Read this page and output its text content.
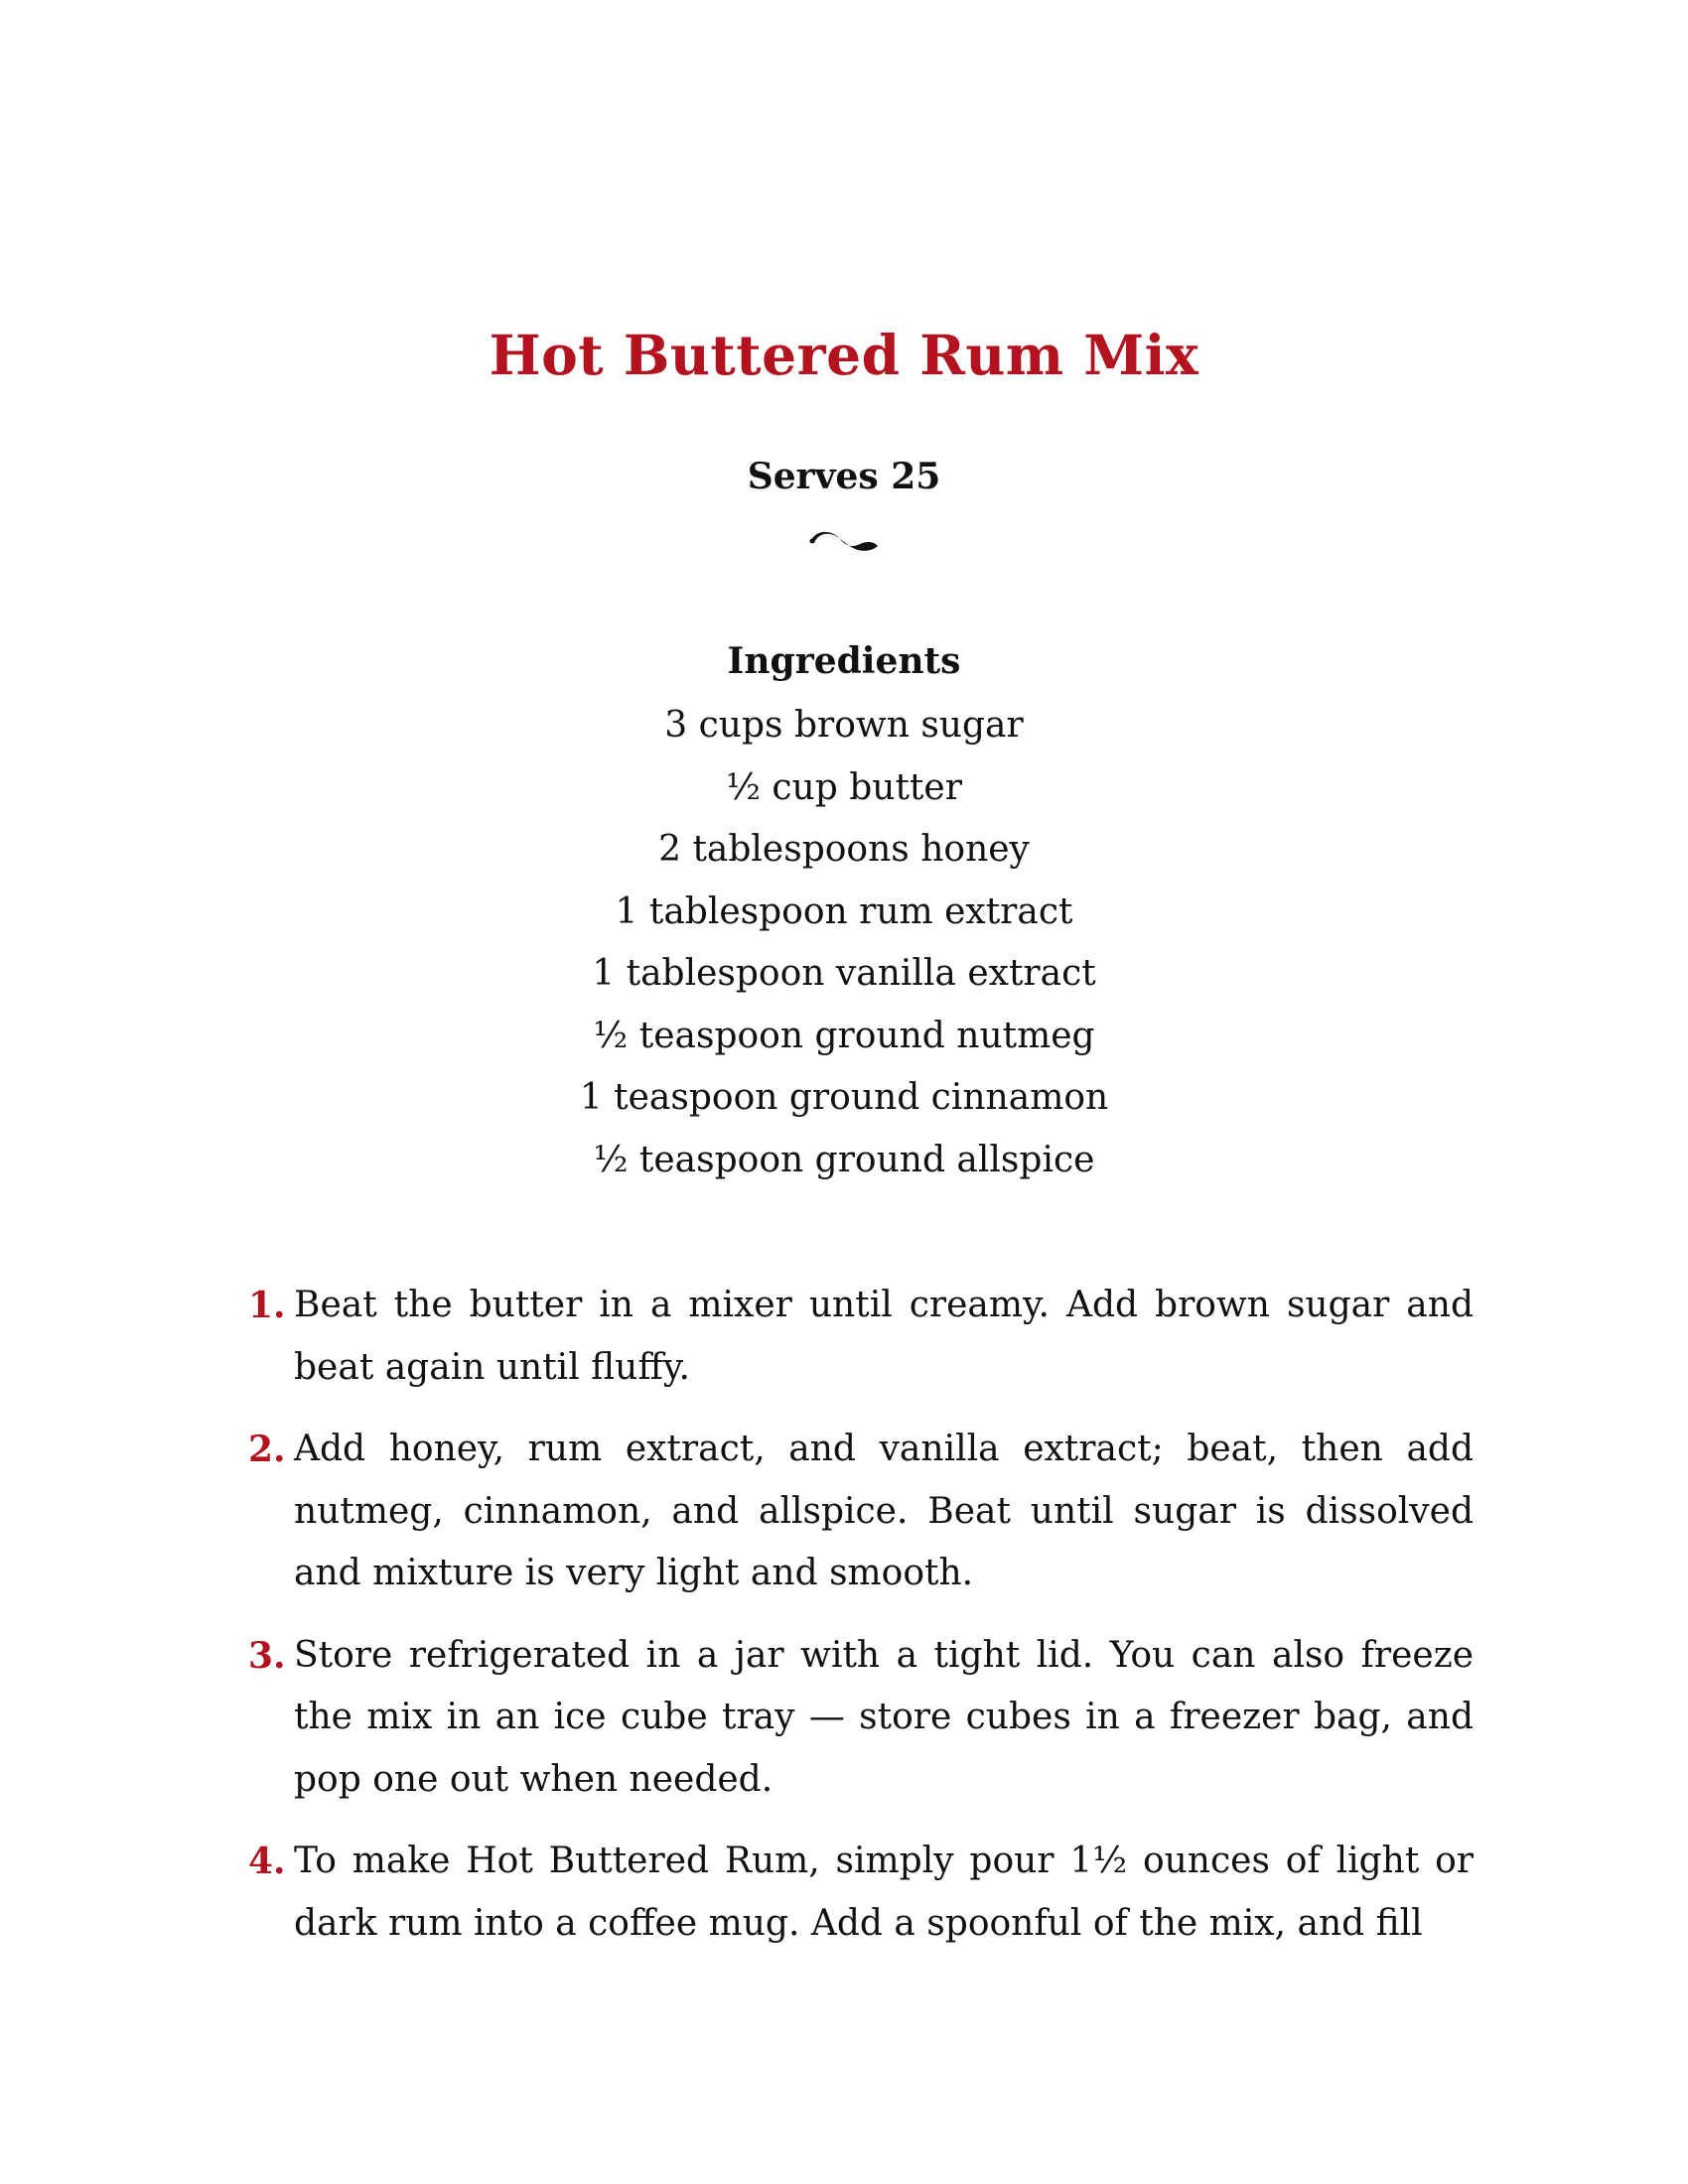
Hot Buttered Rum Mix
Serves 25
Ingredients
3 cups brown sugar
½ cup butter
2 tablespoons honey
1 tablespoon rum extract
1 tablespoon vanilla extract
½ teaspoon ground nutmeg
1 teaspoon ground cinnamon
½ teaspoon ground allspice
1. Beat the butter in a mixer until creamy. Add brown sugar and beat again until fluffy.
2. Add honey, rum extract, and vanilla extract; beat, then add nutmeg, cinnamon, and allspice. Beat until sugar is dissolved and mixture is very light and smooth.
3. Store refrigerated in a jar with a tight lid. You can also freeze the mix in an ice cube tray — store cubes in a freezer bag, and pop one out when needed.
4. To make Hot Buttered Rum, simply pour 1½ ounces of light or dark rum into a coffee mug. Add a spoonful of the mix, and fill
